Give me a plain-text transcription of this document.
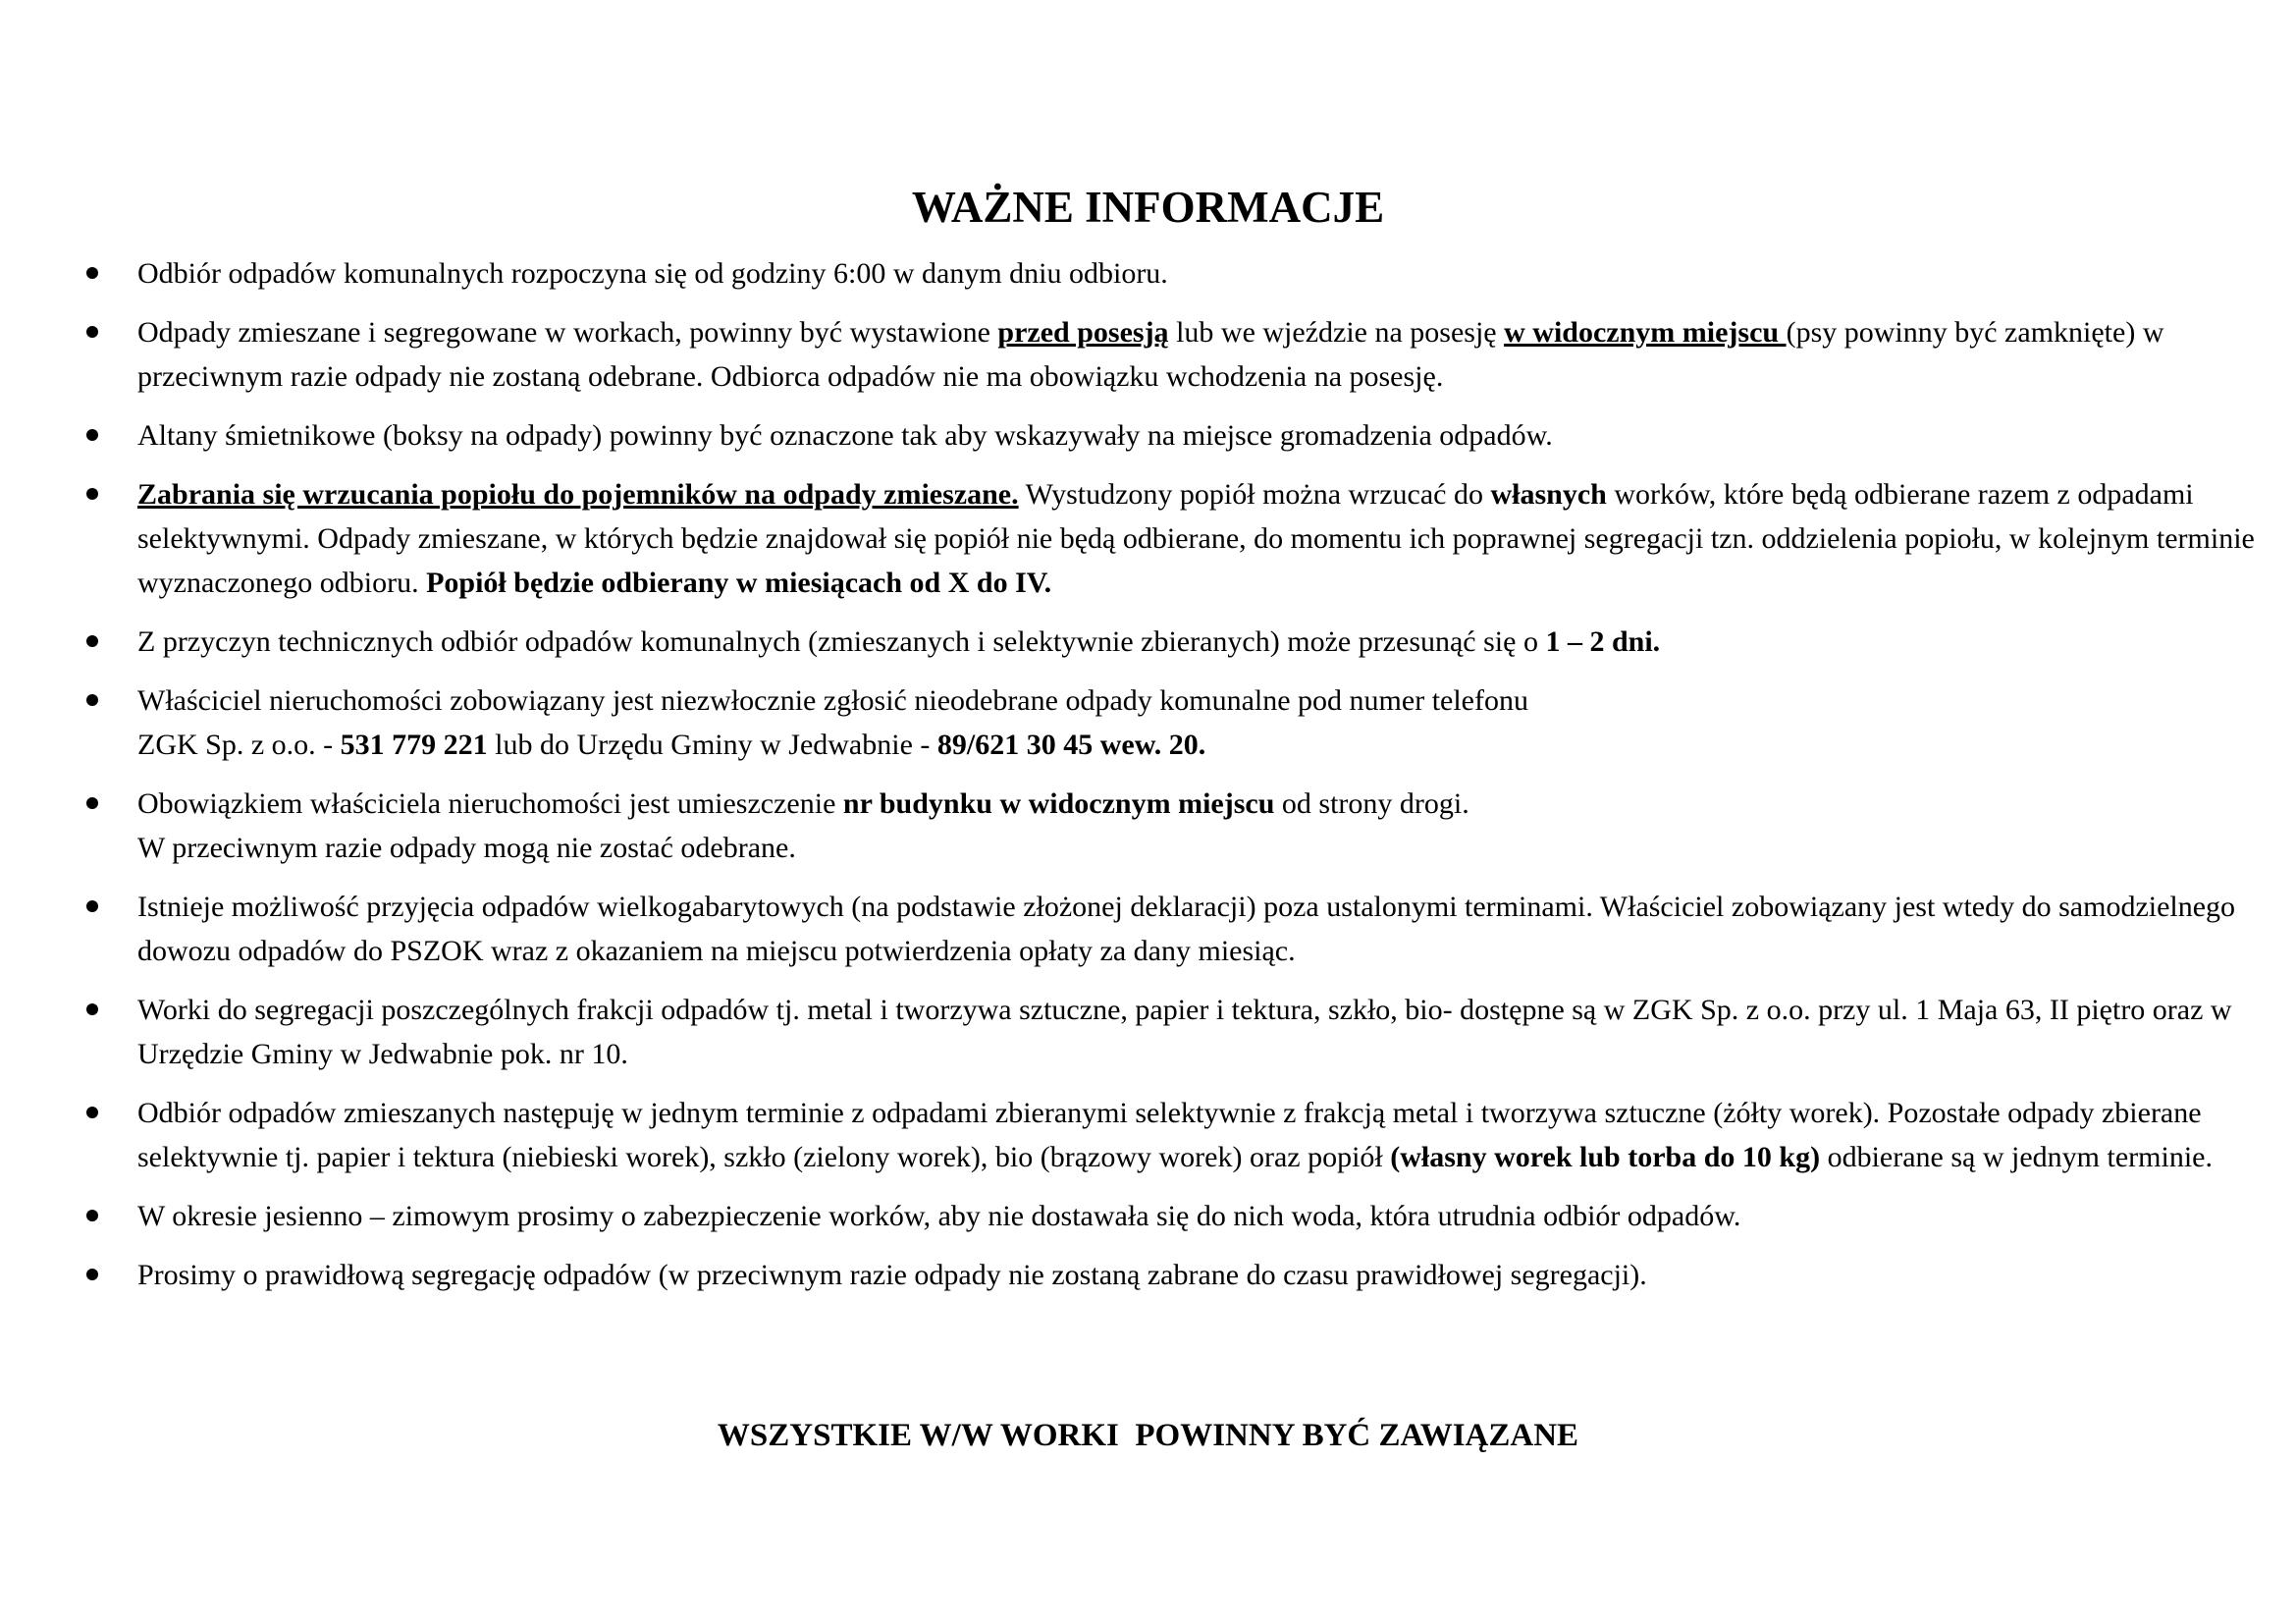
WAŻNE INFORMACJE
Odbiór odpadów komunalnych rozpoczyna się od godziny 6:00 w danym dniu odbioru.
Odpady zmieszane i segregowane w workach, powinny być wystawione przed posesją lub we wjeździe na posesję w widocznym miejscu (psy powinny być zamknięte) w przeciwnym razie odpady nie zostaną odebrane. Odbiorca odpadów nie ma obowiązku wchodzenia na posesję.
Altany śmietnikowe (boksy na odpady) powinny być oznaczone tak aby wskazywały na miejsce gromadzenia odpadów.
Zabrania się wrzucania popiołu do pojemników na odpady zmieszane. Wystudzony popiół można wrzucać do własnych worków, które będą odbierane razem z odpadami selektywnymi. Odpady zmieszane, w których będzie znajdował się popiół nie będą odbierane, do momentu ich poprawnej segregacji tzn. oddzielenia popiołu, w kolejnym terminie wyznaczonego odbioru. Popiół będzie odbierany w miesiącach od X do IV.
Z przyczyn technicznych odbiór odpadów komunalnych (zmieszanych i selektywnie zbieranych) może przesunąć się o 1 – 2 dni.
Właściciel nieruchomości zobowiązany jest niezwłocznie zgłosić nieodebrane odpady komunalne pod numer telefonu
ZGK Sp. z o.o. - 531 779 221 lub do Urzędu Gminy w Jedwabnie - 89/621 30 45 wew. 20.
Obowiązkiem właściciela nieruchomości jest umieszczenie nr budynku w widocznym miejscu od strony drogi.
W przeciwnym razie odpady mogą nie zostać odebrane.
Istnieje możliwość przyjęcia odpadów wielkogabarytowych (na podstawie złożonej deklaracji) poza ustalonymi terminami. Właściciel zobowiązany jest wtedy do samodzielnego dowozu odpadów do PSZOK wraz z okazaniem na miejscu potwierdzenia opłaty za dany miesiąc.
Worki do segregacji poszczególnych frakcji odpadów tj. metal i tworzywa sztuczne, papier i tektura, szkło, bio- dostępne są w ZGK Sp. z o.o. przy ul. 1 Maja 63, II piętro oraz w Urzędzie Gminy w Jedwabnie pok. nr 10.
Odbiór odpadów zmieszanych następuję w jednym terminie z odpadami zbieranymi selektywnie z frakcją metal i tworzywa sztuczne (żółty worek). Pozostałe odpady zbierane selektywnie tj. papier i tektura (niebieski worek), szkło (zielony worek), bio (brązowy worek) oraz popiół (własny worek lub torba do 10 kg) odbierane są w jednym terminie.
W okresie jesienno – zimowym prosimy o zabezpieczenie worków, aby nie dostawała się do nich woda, która utrudnia odbiór odpadów.
Prosimy o prawidłową segregację odpadów (w przeciwnym razie odpady nie zostaną zabrane do czasu prawidłowej segregacji).

WSZYSTKIE W/W WORKI  POWINNY BYĆ ZAWIĄZANE
